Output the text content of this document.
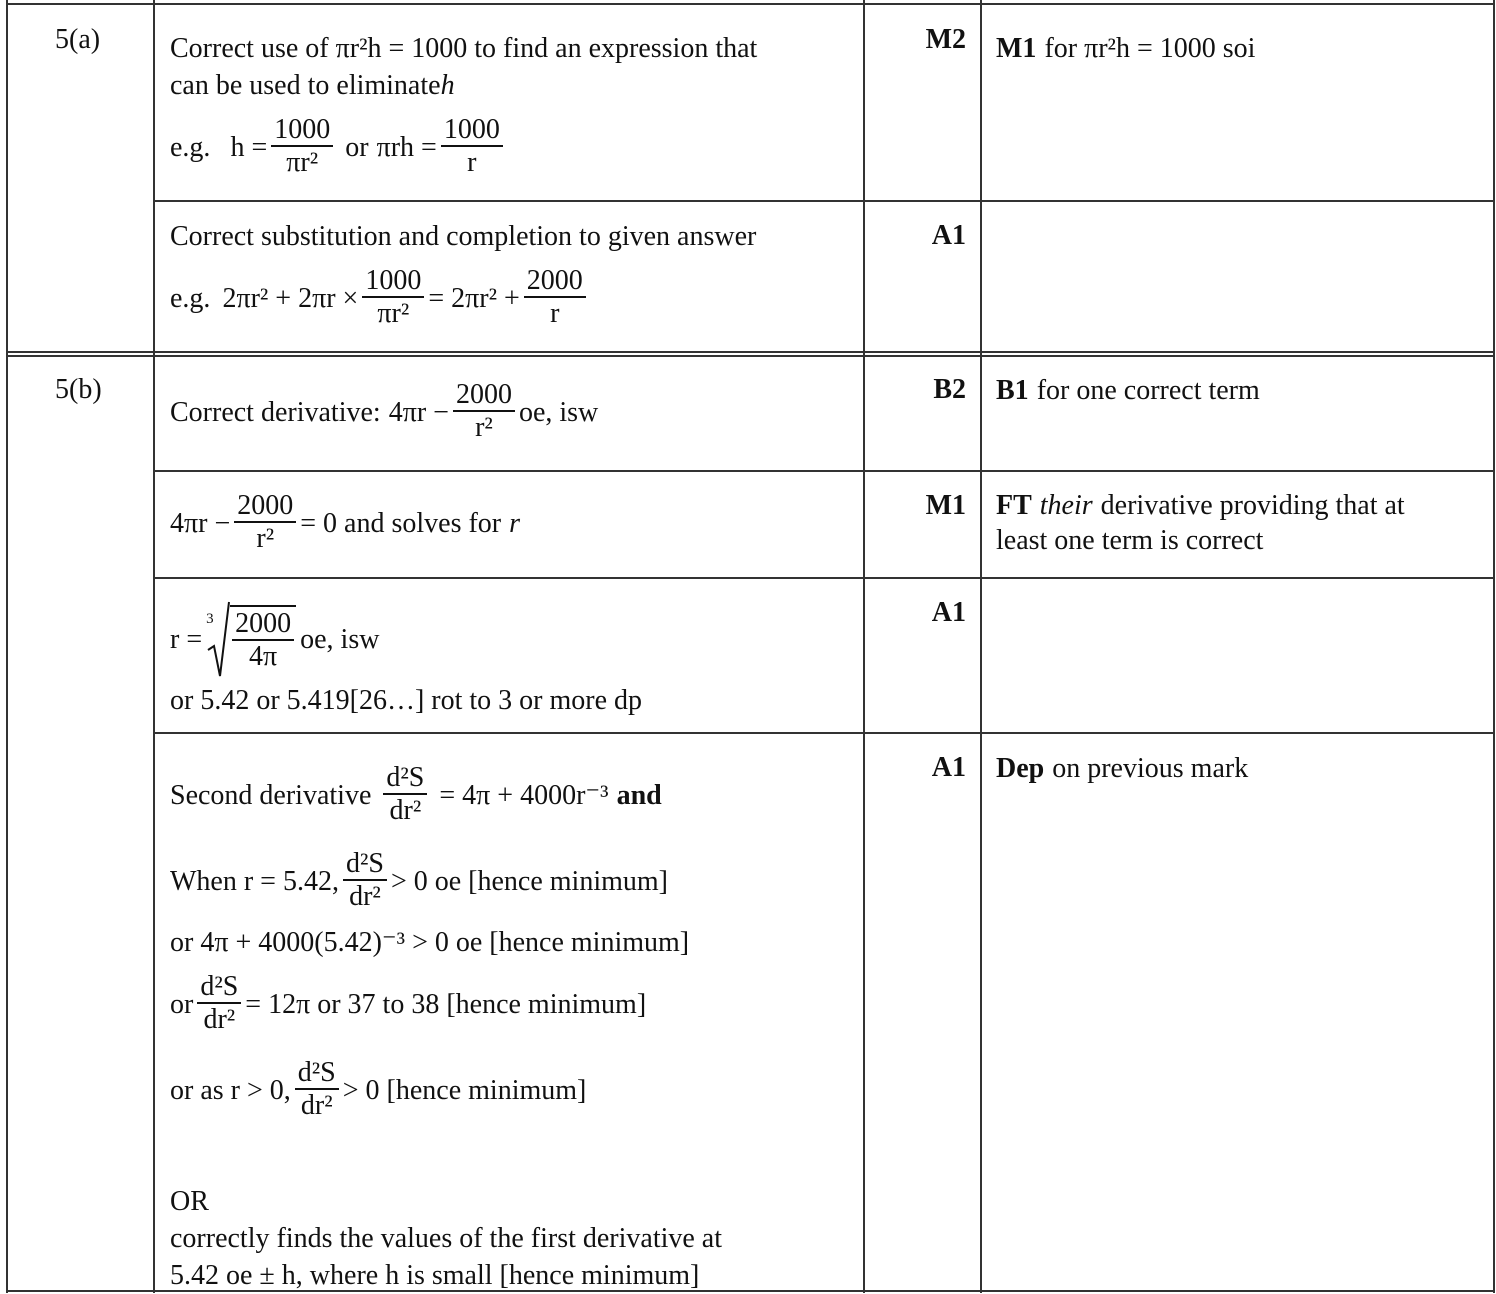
5(a) Correct use of πr²h = 1000 to find an expression that
can be used to eliminate h
e.g. $h = \frac{1000}{\text{πr²}}$ or $\pi rh = \frac{1000}{r}$
M2 M1 for πr²h = 1000 soi
Correct substitution and completion to given answer
e.g. $2\pi r^2 + 2\pi r \times \frac{1000}{\text{πr²}} = 2\pi r^2 + \frac{2000}{r}$
A1
5(b)
Correct derivative: $4\pi r - \frac{2000}{\text{r²}}$ oe, isw
B2 B1 for one correct term
$4\pi r - \frac{2000}{\text{r²}} = 0$ and solves for r
M1 FT their derivative providing that at
least one term is correct
r =
$3 \frac{2000}{4\pi}$ oe, isw
or 5.42 or 5.419[26…] rot to 3 or more dp
A1
Second derivative $\frac{\text{d²S}}{\text{dr²}} = 4\pi + 4000r^{-3}$ and
When r = 5.42, $\frac{\text{d²S}}{\text{dr²}} > 0$ oe [hence minimum]
or 4π + 4000(5.42)⁻³ > 0 oe [hence minimum]
or $\frac{\text{d²S}}{\text{dr²}} = 12\pi$ or 37 to 38 [hence minimum]
or as r > 0, $\frac{\text{d²S}}{\text{dr²}} > 0$ [hence minimum]
OR
correctly finds the values of the first derivative at
5.42 oe ± h, where h is small [hence minimum]
A1 Dep on previous mark
